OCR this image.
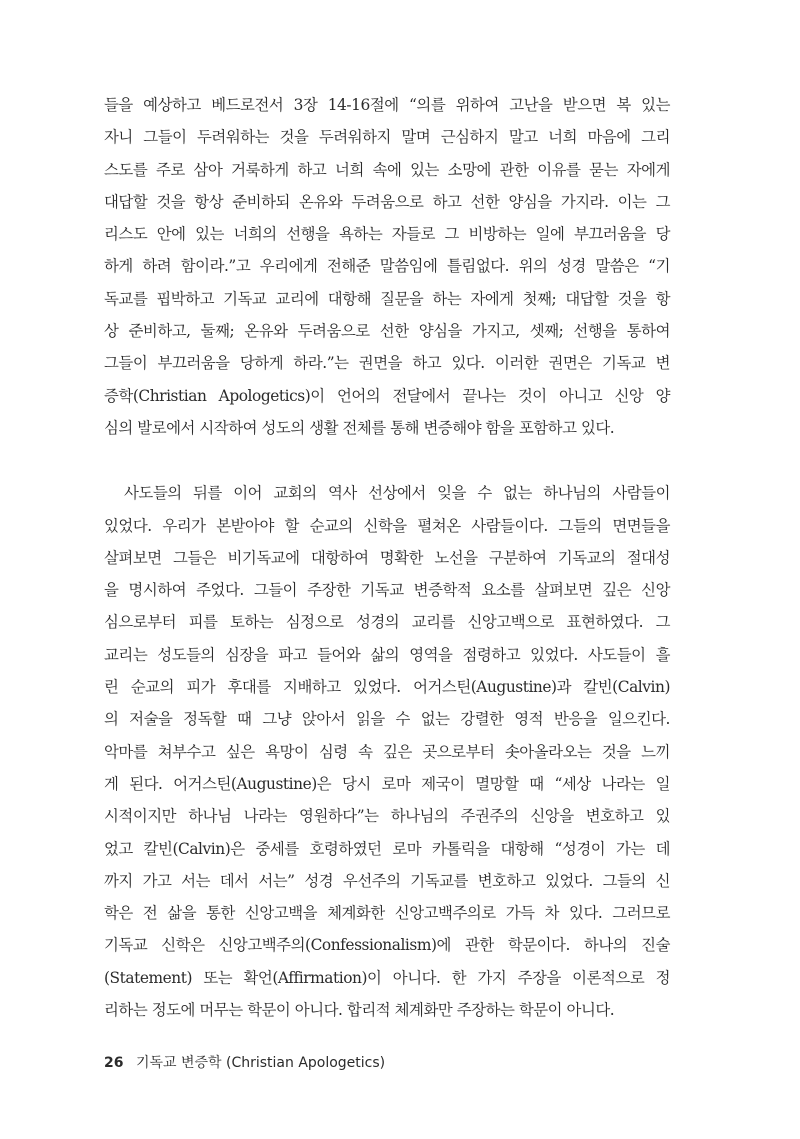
들을 예상하고 베드로전서 3장 14-16절에 “의를 위하여 고난을 받으면 복 있는
자니 그들이 두려워하는 것을 두려워하지 말며 근심하지 말고 너희 마음에 그리
스도를 주로 삼아 거룩하게 하고 너희 속에 있는 소망에 관한 이유를 묻는 자에게
대답할 것을 항상 준비하되 온유와 두려움으로 하고 선한 양심을 가지라. 이는 그
리스도 안에 있는 너희의 선행을 욕하는 자들로 그 비방하는 일에 부끄러움을 당
하게 하려 함이라.”고 우리에게 전해준 말씀임에 틀림없다. 위의 성경 말씀은 “기
독교를 핍박하고 기독교 교리에 대항해 질문을 하는 자에게 첫째; 대답할 것을 항
상 준비하고, 둘째; 온유와 두려움으로 선한 양심을 가지고, 셋째; 선행을 통하여
그들이 부끄러움을 당하게 하라.”는 권면을 하고 있다. 이러한 권면은 기독교 변
증학(Christian Apologetics)이 언어의 전달에서 끝나는 것이 아니고 신앙 양
심의 발로에서 시작하여 성도의 생활 전체를 통해 변증해야 함을 포함하고 있다.
사도들의 뒤를 이어 교회의 역사 선상에서 잊을 수 없는 하나님의 사람들이
있었다. 우리가 본받아야 할 순교의 신학을 펼쳐온 사람들이다. 그들의 면면들을
살펴보면 그들은 비기독교에 대항하여 명확한 노선을 구분하여 기독교의 절대성
을 명시하여 주었다. 그들이 주장한 기독교 변증학적 요소를 살펴보면 깊은 신앙
심으로부터 피를 토하는 심정으로 성경의 교리를 신앙고백으로 표현하였다. 그
교리는 성도들의 심장을 파고 들어와 삶의 영역을 점령하고 있었다. 사도들이 흘
린 순교의 피가 후대를 지배하고 있었다. 어거스틴(Augustine)과 칼빈(Calvin)
의 저술을 정독할 때 그냥 앉아서 읽을 수 없는 강렬한 영적 반응을 일으킨다.
악마를 쳐부수고 싶은 욕망이 심령 속 깊은 곳으로부터 솟아올라오는 것을 느끼
게 된다. 어거스틴(Augustine)은 당시 로마 제국이 멸망할 때 “세상 나라는 일
시적이지만 하나님 나라는 영원하다”는 하나님의 주권주의 신앙을 변호하고 있
었고 칼빈(Calvin)은 중세를 호령하였던 로마 카톨릭을 대항해 “성경이 가는 데
까지 가고 서는 데서 서는” 성경 우선주의 기독교를 변호하고 있었다. 그들의 신
학은 전 삶을 통한 신앙고백을 체계화한 신앙고백주의로 가득 차 있다. 그러므로
기독교 신학은 신앙고백주의(Confessionalism)에 관한 학문이다. 하나의 진술
(Statement) 또는 확언(Affirmation)이 아니다. 한 가지 주장을 이론적으로 정
리하는 정도에 머무는 학문이 아니다. 합리적 체계화만 주장하는 학문이 아니다.
26 기독교 변증학 (Christian Apologetics)
